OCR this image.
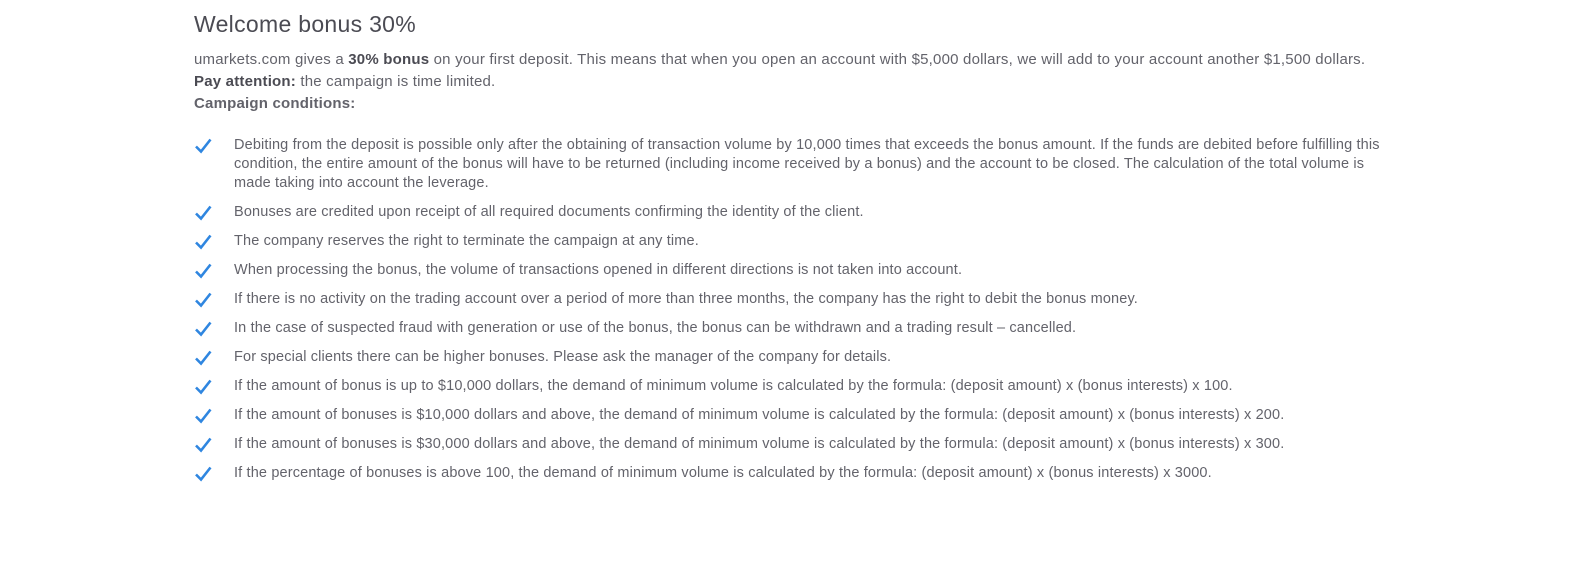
Welcome bonus 30%

umarkets.com gives a 30% bonus on your first deposit. This means that when you open an account with $5,000 dollars, we will add to your account another $1,500 dollars.

Pay attention: the campaign is time limited.

Campaign conditions:

Debiting from the deposit is possible only after the obtaining of transaction volume by 10,000 times that exceeds the bonus amount. If the funds are debited before fulfilling this condition, the entire amount of the bonus will have to be returned (including income received by a bonus) and the account to be closed. The calculation of the total volume is made taking into account the leverage.
Bonuses are credited upon receipt of all required documents confirming the identity of the client.
The company reserves the right to terminate the campaign at any time.
When processing the bonus, the volume of transactions opened in different directions is not taken into account.
If there is no activity on the trading account over a period of more than three months, the company has the right to debit the bonus money.
In the case of suspected fraud with generation or use of the bonus, the bonus can be withdrawn and a trading result – cancelled.
For special clients there can be higher bonuses. Please ask the manager of the company for details.
If the amount of bonus is up to $10,000 dollars, the demand of minimum volume is calculated by the formula: (deposit amount) x (bonus interests) x 100.
If the amount of bonuses is $10,000 dollars and above, the demand of minimum volume is calculated by the formula: (deposit amount) x (bonus interests) x 200.
If the amount of bonuses is $30,000 dollars and above, the demand of minimum volume is calculated by the formula: (deposit amount) x (bonus interests) x 300.
If the percentage of bonuses is above 100, the demand of minimum volume is calculated by the formula: (deposit amount) x (bonus interests) x 3000.
